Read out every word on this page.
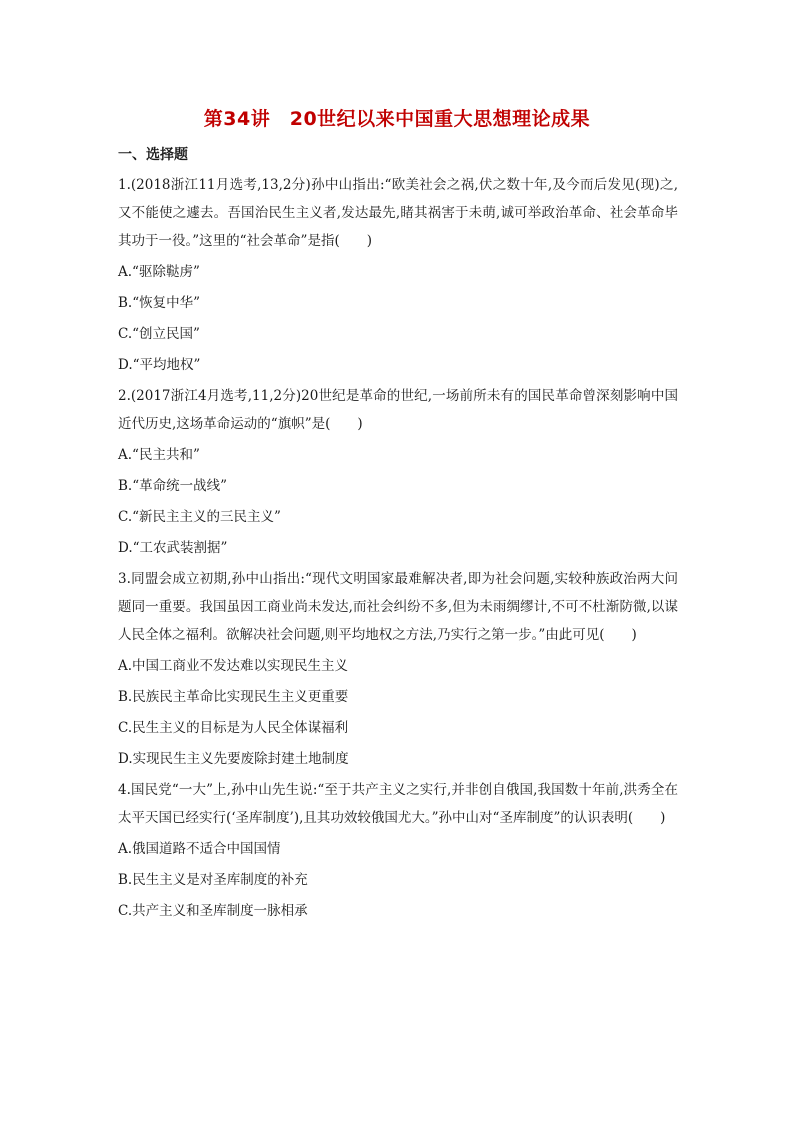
第34讲　20世纪以来中国重大思想理论成果
一、选择题

1.(2018浙江11月选考,13,2分)孙中山指出:“欧美社会之祸,伏之数十年,及今而后发见(现)之,又不能使之遽去。吾国治民生主义者,发达最先,睹其祸害于未萌,诚可举政治革命、社会革命毕其功于一役。”这里的“社会革命”是指(　　)

A.“驱除鞑虏”
B.“恢复中华”
C.“创立民国”
D.“平均地权”

2.(2017浙江4月选考,11,2分)20世纪是革命的世纪,一场前所未有的国民革命曾深刻影响中国近代历史,这场革命运动的“旗帜”是(　　)

A.“民主共和”
B.“革命统一战线”
C.“新民主主义的三民主义”
D.“工农武装割据”

3.同盟会成立初期,孙中山指出:“现代文明国家最难解决者,即为社会问题,实较种族政治两大问题同一重要。我国虽因工商业尚未发达,而社会纠纷不多,但为未雨绸缪计,不可不杜渐防微,以谋人民全体之福利。欲解决社会问题,则平均地权之方法,乃实行之第一步。”由此可见(　　)

A.中国工商业不发达难以实现民生主义
B.民族民主革命比实现民生主义更重要
C.民生主义的目标是为人民全体谋福利
D.实现民生主义先要废除封建土地制度

4.国民党“一大”上,孙中山先生说:“至于共产主义之实行,并非创自俄国,我国数十年前,洪秀全在太平天国已经实行(‘圣库制度’),且其功效较俄国尤大。”孙中山对“圣库制度”的认识表明(　　)

A.俄国道路不适合中国国情
B.民生主义是对圣库制度的补充
C.共产主义和圣库制度一脉相承
